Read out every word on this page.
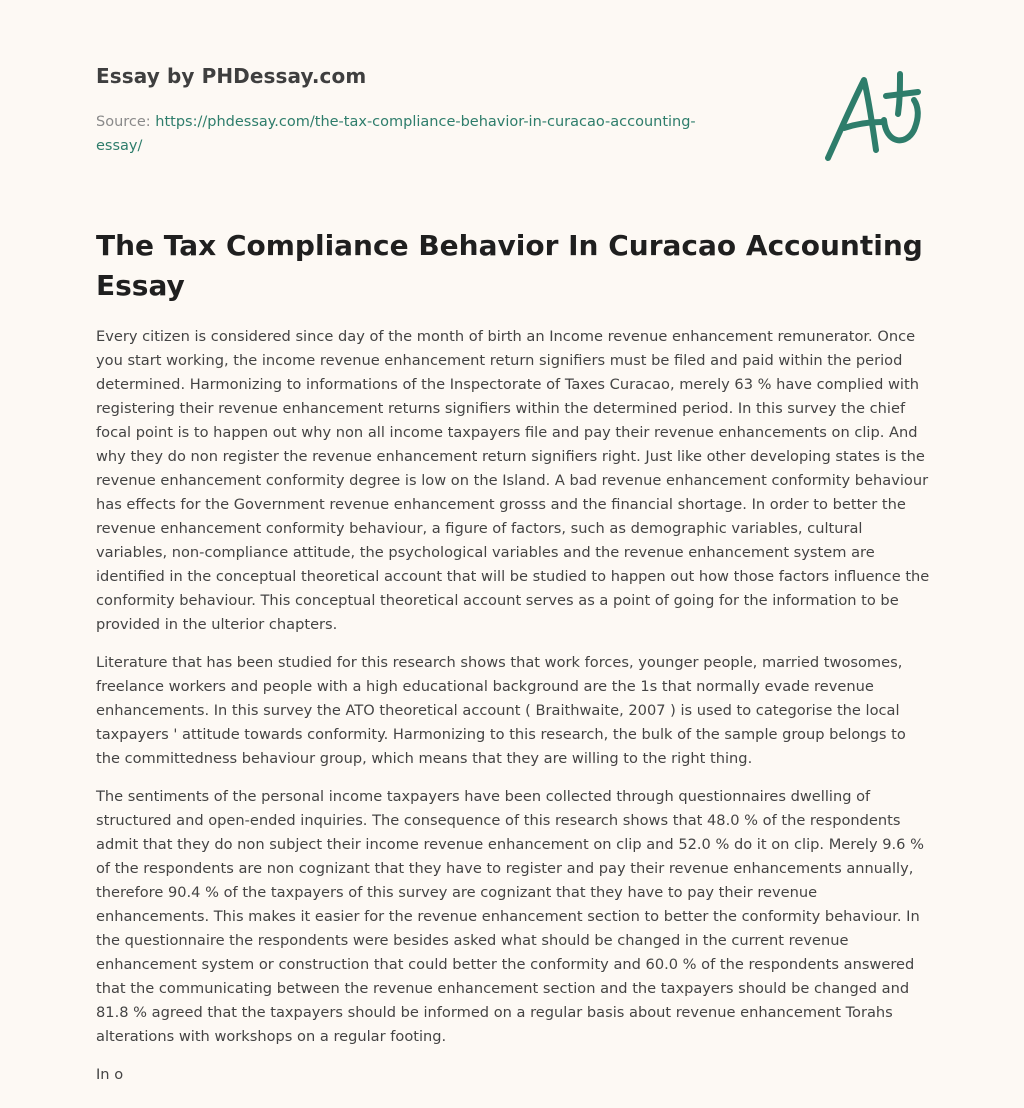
Essay by PHDessay.com
Source: https://phdessay.com/the-tax-compliance-behavior-in-curacao-accounting-essay/
The Tax Compliance Behavior In Curacao Accounting Essay

Every citizen is considered since day of the month of birth an Income revenue enhancement remunerator. Once you start working, the income revenue enhancement return signifiers must be filed and paid within the period determined. Harmonizing to informations of the Inspectorate of Taxes Curacao, merely 63 % have complied with registering their revenue enhancement returns signifiers within the determined period. In this survey the chief focal point is to happen out why non all income taxpayers file and pay their revenue enhancements on clip. And why they do non register the revenue enhancement return signifiers right. Just like other developing states is the revenue enhancement conformity degree is low on the Island. A bad revenue enhancement conformity behaviour has effects for the Government revenue enhancement grosss and the financial shortage. In order to better the revenue enhancement conformity behaviour, a figure of factors, such as demographic variables, cultural variables, non-compliance attitude, the psychological variables and the revenue enhancement system are identified in the conceptual theoretical account that will be studied to happen out how those factors influence the conformity behaviour. This conceptual theoretical account serves as a point of going for the information to be provided in the ulterior chapters.

Literature that has been studied for this research shows that work forces, younger people, married twosomes, freelance workers and people with a high educational background are the 1s that normally evade revenue enhancements. In this survey the ATO theoretical account ( Braithwaite, 2007 ) is used to categorise the local taxpayers ' attitude towards conformity. Harmonizing to this research, the bulk of the sample group belongs to the committedness behaviour group, which means that they are willing to the right thing.

The sentiments of the personal income taxpayers have been collected through questionnaires dwelling of structured and open-ended inquiries. The consequence of this research shows that 48.0 % of the respondents admit that they do non subject their income revenue enhancement on clip and 52.0 % do it on clip. Merely 9.6 % of the respondents are non cognizant that they have to register and pay their revenue enhancements annually, therefore 90.4 % of the taxpayers of this survey are cognizant that they have to pay their revenue enhancements. This makes it easier for the revenue enhancement section to better the conformity behaviour. In the questionnaire the respondents were besides asked what should be changed in the current revenue enhancement system or construction that could better the conformity and 60.0 % of the respondents answered that the communicating between the revenue enhancement section and the taxpayers should be changed and 81.8 % agreed that the taxpayers should be informed on a regular basis about revenue enhancement Torahs alterations with workshops on a regular footing.

In o
